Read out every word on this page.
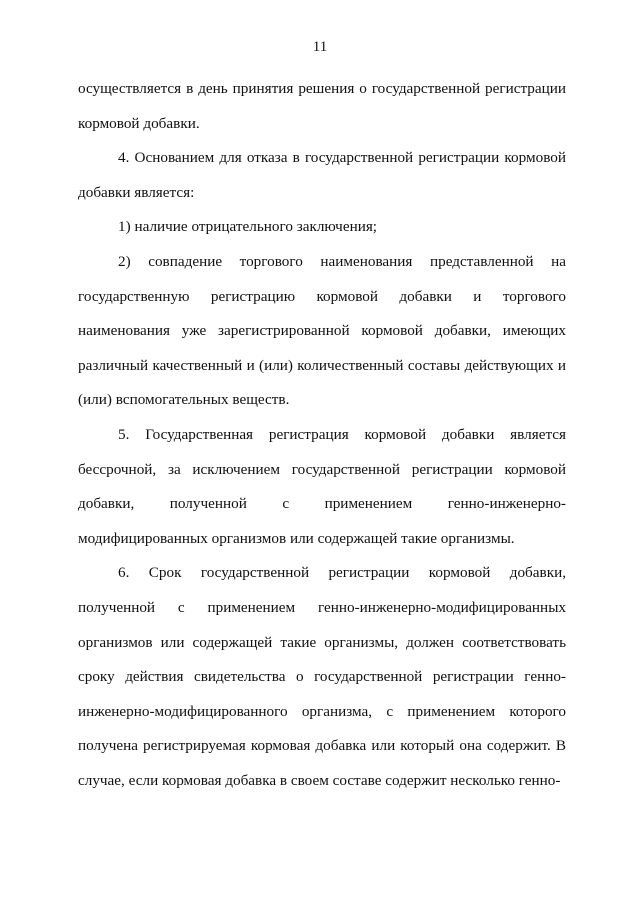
11

осуществляется в день принятия решения о государственной регистрации кормовой добавки.

4. Основанием для отказа в государственной регистрации кормовой добавки является:

1) наличие отрицательного заключения;

2) совпадение торгового наименования представленной на государственную регистрацию кормовой добавки и торгового наименования уже зарегистрированной кормовой добавки, имеющих различный качественный и (или) количественный составы действующих и (или) вспомогательных веществ.

5. Государственная регистрация кормовой добавки является бессрочной, за исключением государственной регистрации кормовой добавки, полученной с применением генно-инженерно-модифицированных организмов или содержащей такие организмы.

6. Срок государственной регистрации кормовой добавки, полученной с применением генно-инженерно-модифицированных организмов или содержащей такие организмы, должен соответствовать сроку действия свидетельства о государственной регистрации генно-инженерно-модифицированного организма, с применением которого получена регистрируемая кормовая добавка или который она содержит. В случае, если кормовая добавка в своем составе содержит несколько генно-
